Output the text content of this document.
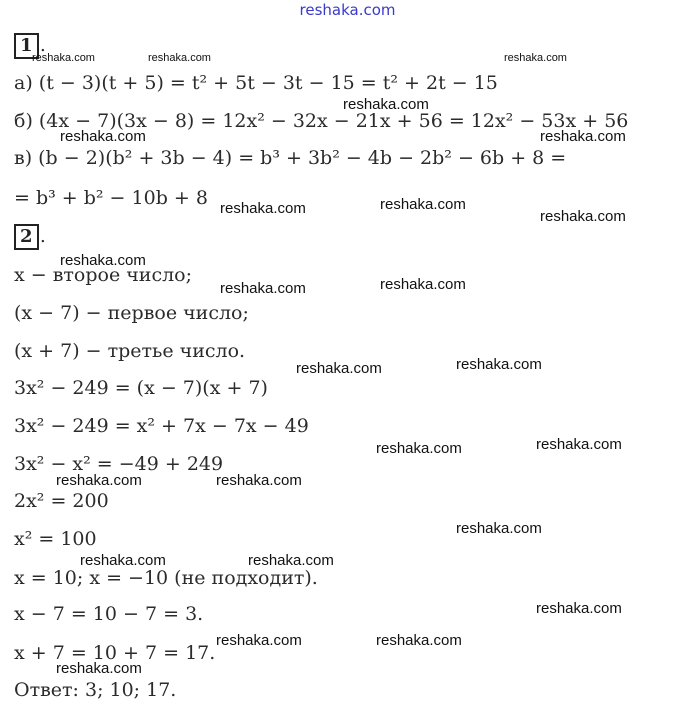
reshaka.com
1 .

а) (t − 3)(t + 5) = t² + 5t − 3t − 15 = t² + 2t − 15

б) (4x − 7)(3x − 8) = 12x² − 32x − 21x + 56 = 12x² − 53x + 56

в) (b − 2)(b² + 3b − 4) = b³ + 3b² − 4b − 2b² − 6b + 8 =

= b³ + b² − 10b + 8

2 .

x − второе число;

(x − 7) − первое число;

(x + 7) − третье число.

3x² − 249 = (x − 7)(x + 7)

3x² − 249 = x² + 7x − 7x − 49

3x² − x² = −49 + 249

2x² = 200

x² = 100

x = 10; x = −10 (не подходит).

x − 7 = 10 − 7 = 3.

x + 7 = 10 + 7 = 17.

Ответ: 3; 10; 17.

reshaka.com	reshaka.com	reshaka.com
reshaka.com
reshaka.com	reshaka.com
reshaka.com	reshaka.com
reshaka.com
reshaka.com
reshaka.com	reshaka.com
reshaka.com	reshaka.com
reshaka.com	reshaka.com
reshaka.com	reshaka.com
reshaka.com
reshaka.com	reshaka.com
reshaka.com
reshaka.com	reshaka.com
reshaka.com
